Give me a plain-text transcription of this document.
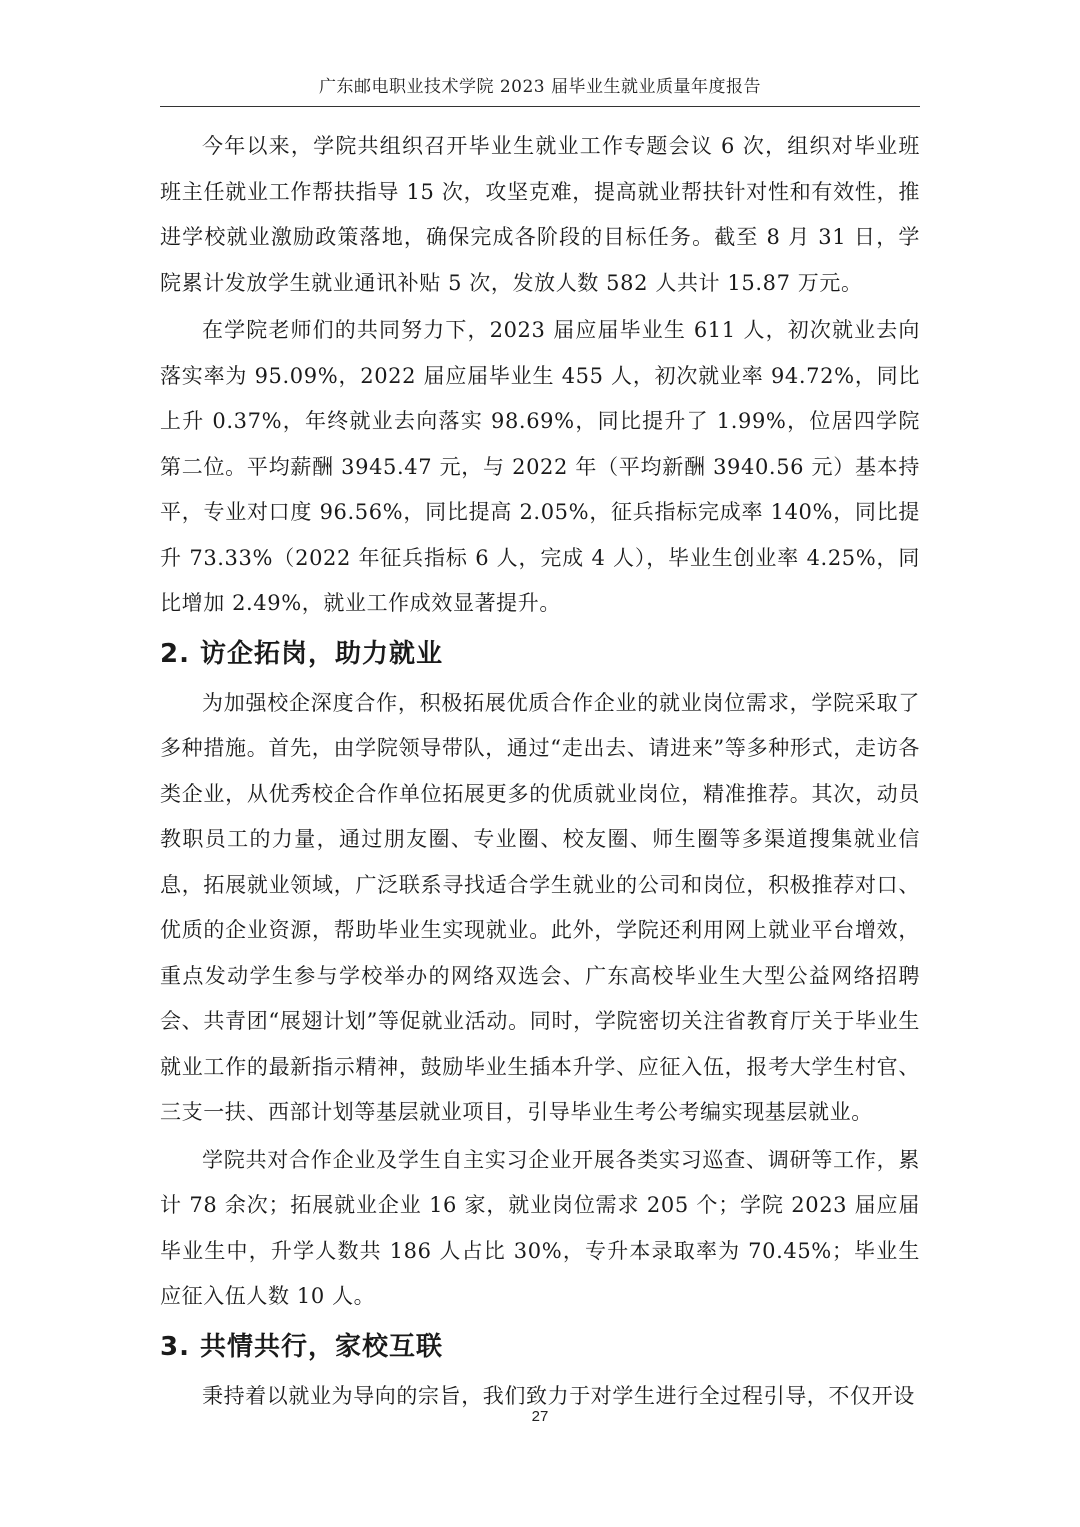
广东邮电职业技术学院 2023 届毕业生就业质量年度报告

今年以来，学院共组织召开毕业生就业工作专题会议 6 次，组织对毕业班班主任就业工作帮扶指导 15 次，攻坚克难，提高就业帮扶针对性和有效性，推进学校就业激励政策落地，确保完成各阶段的目标任务。截至 8 月 31 日，学院累计发放学生就业通讯补贴 5 次，发放人数 582 人共计 15.87 万元。

在学院老师们的共同努力下，2023 届应届毕业生 611 人，初次就业去向落实率为 95.09%，2022 届应届毕业生 455 人，初次就业率 94.72%，同比上升 0.37%，年终就业去向落实 98.69%，同比提升了 1.99%，位居四学院第二位。平均薪酬 3945.47 元，与 2022 年（平均新酬 3940.56 元）基本持平，专业对口度 96.56%，同比提高 2.05%，征兵指标完成率 140%，同比提升 73.33%（2022 年征兵指标 6 人，完成 4 人），毕业生创业率 4.25%，同比增加 2.49%，就业工作成效显著提升。

2. 访企拓岗，助力就业

为加强校企深度合作，积极拓展优质合作企业的就业岗位需求，学院采取了多种措施。首先，由学院领导带队，通过“走出去、请进来”等多种形式，走访各类企业，从优秀校企合作单位拓展更多的优质就业岗位，精准推荐。其次，动员教职员工的力量，通过朋友圈、专业圈、校友圈、师生圈等多渠道搜集就业信息，拓展就业领域，广泛联系寻找适合学生就业的公司和岗位，积极推荐对口、优质的企业资源，帮助毕业生实现就业。此外，学院还利用网上就业平台增效，重点发动学生参与学校举办的网络双选会、广东高校毕业生大型公益网络招聘会、共青团“展翅计划”等促就业活动。同时，学院密切关注省教育厅关于毕业生就业工作的最新指示精神，鼓励毕业生插本升学、应征入伍，报考大学生村官、三支一扶、西部计划等基层就业项目，引导毕业生考公考编实现基层就业。

学院共对合作企业及学生自主实习企业开展各类实习巡查、调研等工作，累计 78 余次；拓展就业企业 16 家，就业岗位需求 205 个；学院 2023 届应届毕业生中，升学人数共 186 人占比 30%，专升本录取率为 70.45%；毕业生应征入伍人数 10 人。

3. 共情共行，家校互联

秉持着以就业为导向的宗旨，我们致力于对学生进行全过程引导，不仅开设

27
